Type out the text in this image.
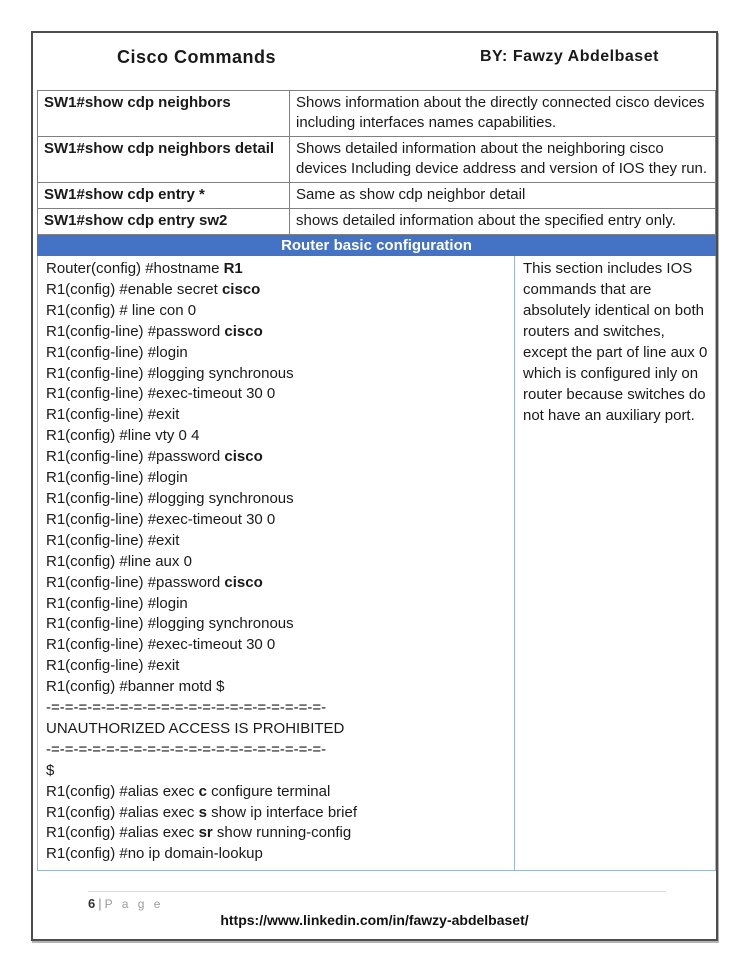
Cisco Commands	BY: Fawzy Abdelbaset
SW1#show cdp neighbors	Shows information about the directly connected cisco devices including interfaces names capabilities.
SW1#show cdp neighbors detail	Shows detailed information about the neighboring cisco devices Including device address and version of IOS they run.
SW1#show cdp entry *	Same as show cdp neighbor detail
SW1#show cdp entry sw2	shows detailed information about the specified entry only.
Router basic configuration
Router(config) #hostname R1
R1(config) #enable secret cisco
R1(config) # line con 0
R1(config-line) #password cisco
R1(config-line) #login
R1(config-line) #logging synchronous
R1(config-line) #exec-timeout 30 0
R1(config-line) #exit
R1(config) #line vty 0 4
R1(config-line) #password cisco
R1(config-line) #login
R1(config-line) #logging synchronous
R1(config-line) #exec-timeout 30 0
R1(config-line) #exit
R1(config) #line aux 0
R1(config-line) #password cisco
R1(config-line) #login
R1(config-line) #logging synchronous
R1(config-line) #exec-timeout 30 0
R1(config-line) #exit
R1(config) #banner motd $
-=-=-=-=-=-=-=-=-=-=-=-=-=-=-=-=-=-=-=-=-
UNAUTHORIZED ACCESS IS PROHIBITED
-=-=-=-=-=-=-=-=-=-=-=-=-=-=-=-=-=-=-=-=-
$
R1(config) #alias exec c configure terminal
R1(config) #alias exec s show ip interface brief
R1(config) #alias exec sr show running-config
R1(config) #no ip domain-lookup
This section includes IOS commands that are absolutely identical on both routers and switches, except the part of line aux 0 which is configured inly on router because switches do not have an auxiliary port.
6 | P a g e
https://www.linkedin.com/in/fawzy-abdelbaset/
